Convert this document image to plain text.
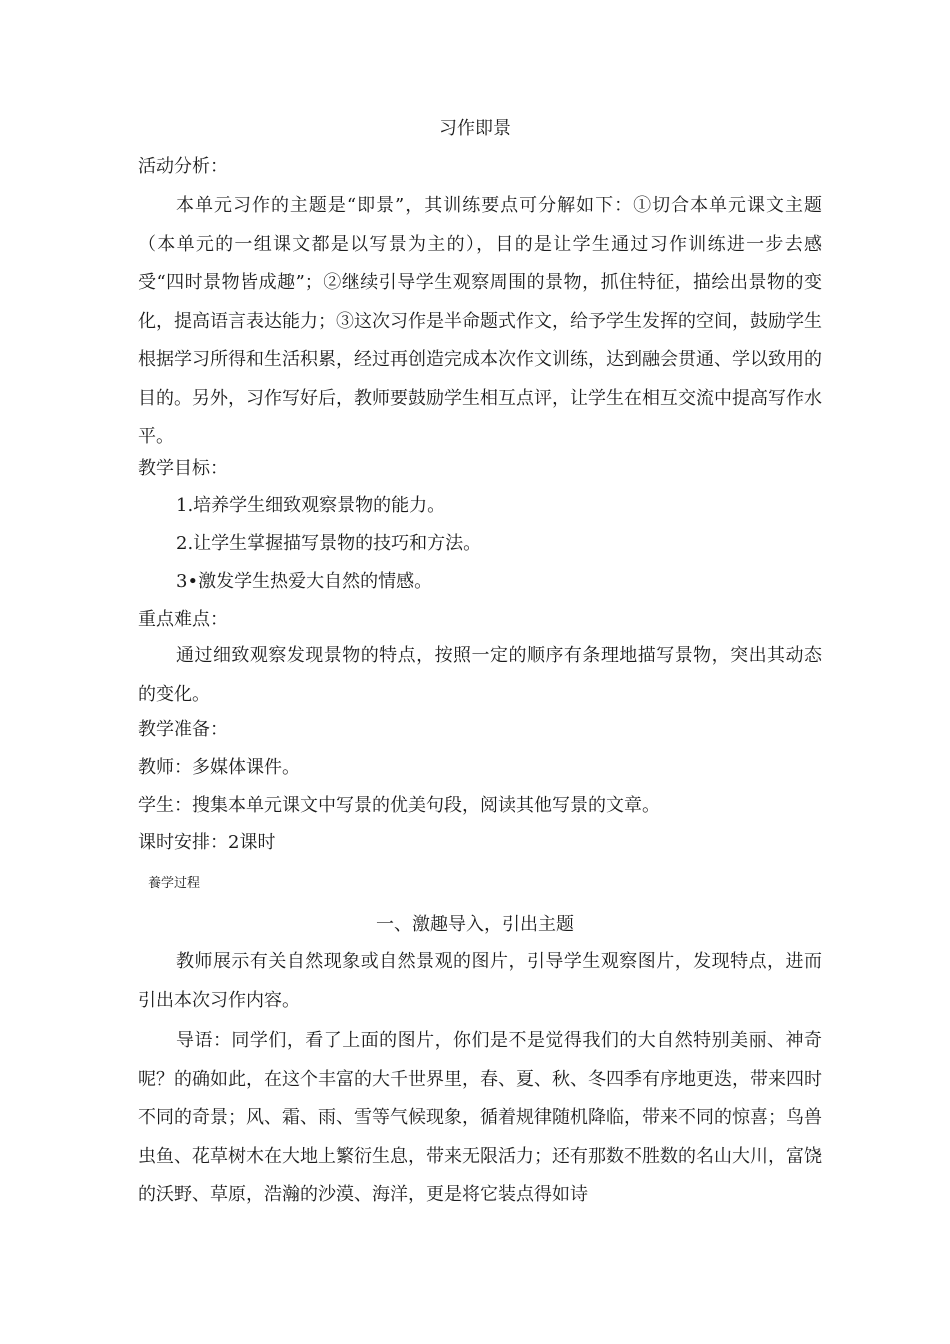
习作即景
活动分析：

本单元习作的主题是“即景”，其训练要点可分解如下：①切合本单元课文主题（本单元的一组课文都是以写景为主的），目的是让学生通过习作训练进一步去感受“四时景物皆成趣”；②继续引导学生观察周围的景物，抓住特征，描绘出景物的变化，提高语言表达能力；③这次习作是半命题式作文，给予学生发挥的空间，鼓励学生根据学习所得和生活积累，经过再创造完成本次作文训练，达到融会贯通、学以致用的目的。另外，习作写好后，教师要鼓励学生相互点评，让学生在相互交流中提高写作水平。

教学目标：
1.培养学生细致观察景物的能力。
2.让学生掌握描写景物的技巧和方法。
3•激发学生热爱大自然的情感。
重点难点：

通过细致观察发现景物的特点，按照一定的顺序有条理地描写景物，突出其动态的变化。

教学准备：
教师：多媒体课件。
学生：搜集本单元课文中写景的优美句段，阅读其他写景的文章。
课时安排：2课时
養学过程
一、激趣导入，引出主题

教师展示有关自然现象或自然景观的图片，引导学生观察图片，发现特点，进而引出本次习作内容。

导语：同学们，看了上面的图片，你们是不是觉得我们的大自然特别美丽、神奇呢？的确如此，在这个丰富的大千世界里，春、夏、秋、冬四季有序地更迭，带来四时不同的奇景；风、霜、雨、雪等气候现象，循着规律随机降临，带来不同的惊喜；鸟兽虫鱼、花草树木在大地上繁衍生息，带来无限活力；还有那数不胜数的名山大川，富饶的沃野、草原，浩瀚的沙漠、海洋，更是将它装点得如诗
